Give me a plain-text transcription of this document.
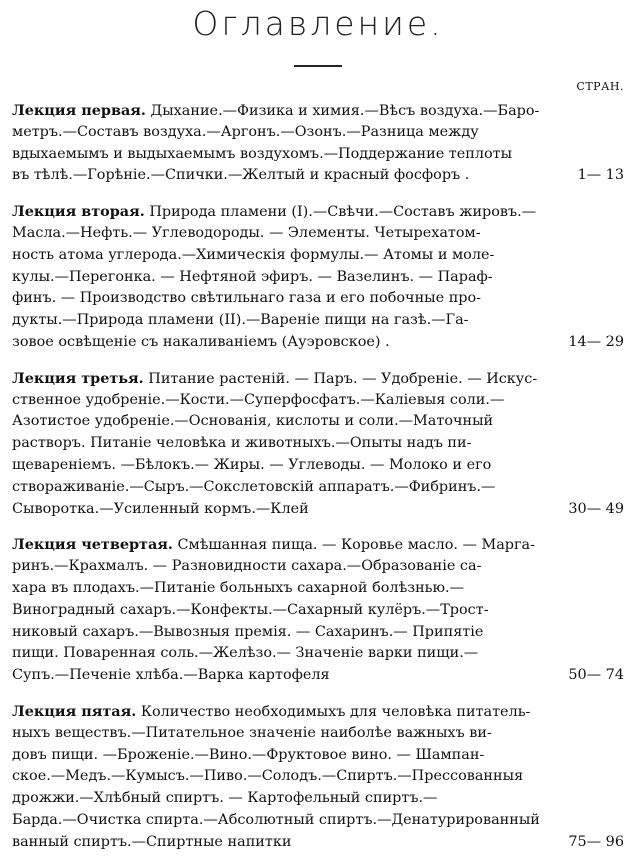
Оглавление.
СТРАН.
Лекция первая. Дыхание.—Физика и химия.—Вѣсъ воздуха.—Баро-
метръ.—Составъ воздуха.—Аргонъ.—Озонъ.—Разница между
вдыхаемымъ и выдыхаемымъ воздухомъ.—Поддержание теплоты
въ тѣлѣ.—Горѣніе.—Спички.—Желтый и красный фосфоръ .	1— 13
Лекция вторая. Природа пламени (I).—Свѣчи.—Составъ жировъ.—
Масла.—Нефть.— Углеводороды. — Элементы. Четырехатом-
ность атома углерода.—Химическія формулы.— Атомы и моле-
кулы.—Перегонка. — Нефтяной эфиръ. — Вазелинъ. — Параф-
финъ. — Производство свѣтильнаго газа и его побочные про-
дукты.—Природа пламени (II).—Вареніе пищи на газѣ.—Га-
зовое освѣщеніе съ накаливаніемъ (Ауэровское) .	14— 29
Лекция третья. Питание растеній. — Паръ. — Удобреніе. — Искус-
ственное удобреніе.—Кости.—Суперфосфатъ.—Каліевыя соли.—
Азотистое удобреніе.—Основанія, кислоты и соли.—Маточный
растворъ. Питаніе человѣка и животныхъ.—Опыты надъ пи-
щевареніемъ. —Бѣлокъ.— Жиры. — Углеводы. — Молоко и его
створаживаніе.—Сыръ.—Сокслетовскій аппаратъ.—Фибринъ.—
Сыворотка.—Усиленный кормъ.—Клей	30— 49
Лекция четвертая. Смѣшанная пища. — Коровье масло. — Марга-
ринъ.—Крахмалъ. — Разновидности сахара.—Образованіе са-
хара въ плодахъ.—Питаніе больныхъ сахарной болѣзнью.—
Виноградный сахаръ.—Конфекты.—Сахарный кулёръ.—Трост-
никовый сахаръ.—Вывозныя премія. — Сахаринъ.— Припятіе
пищи. Поваренная соль.—Желѣзо.— Значеніе варки пищи.—
Супъ.—Печеніе хлѣба.—Варка картофеля	50— 74
Лекция пятая. Количество необходимыхъ для человѣка питатель-
ныхъ веществъ.—Питательное значеніе наиболѣе важныхъ ви-
довъ пищи. —Броженіе.—Вино.—Фруктовое вино. — Шампан-
ское.—Медъ.—Кумысъ.—Пиво.—Солодъ.—Спиртъ.—Прессованныя
дрожжи.—Хлѣбный спиртъ. — Картофельный спиртъ.—
Барда.—Очистка спирта.—Абсолютный спиртъ.—Денатурированный
ванный спиртъ.—Спиртные напитки	75— 96
